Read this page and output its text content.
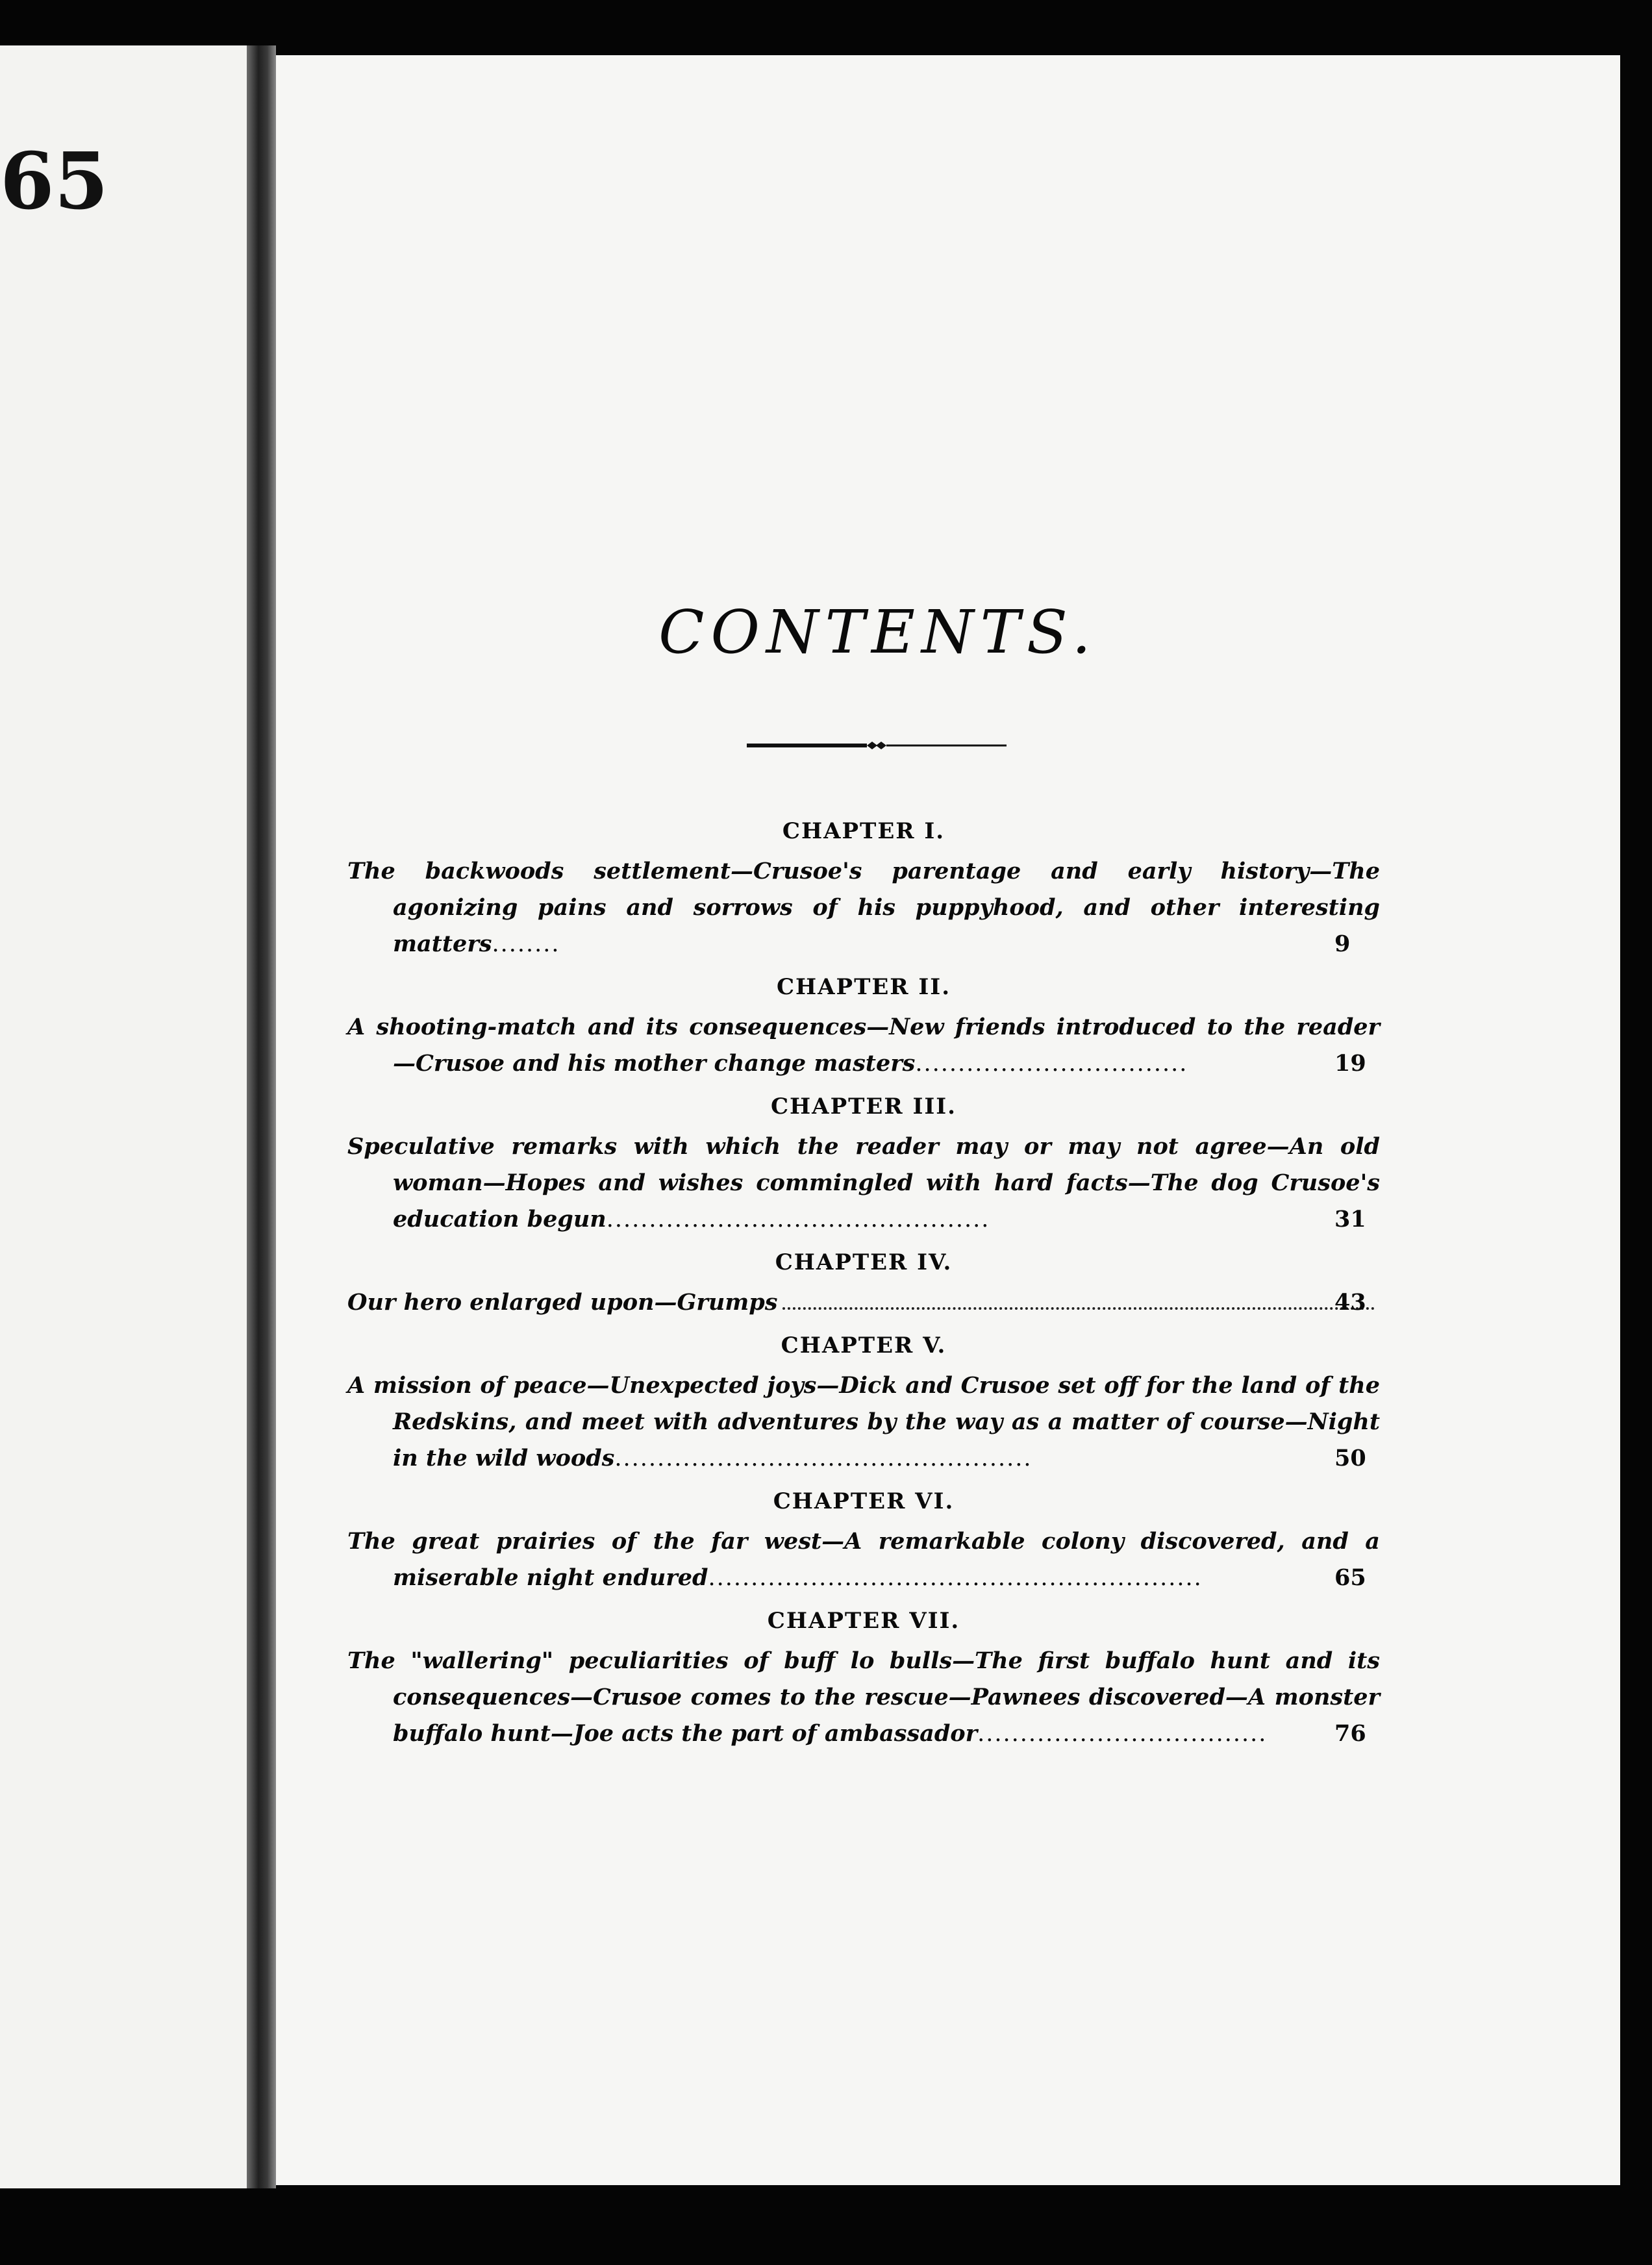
65
CONTENTS.
CHAPTER I.
The backwoods settlement—Crusoe's parentage and early history—The agonizing pains and sorrows of his puppyhood, and other interesting matters........	9
CHAPTER II.
A shooting-match and its consequences—New friends introduced to the reader —Crusoe and his mother change masters................................	19
CHAPTER III.
Speculative remarks with which the reader may or may not agree—An old woman—Hopes and wishes commingled with hard facts—The dog Crusoe's education begun.............................................	31
CHAPTER IV.
Our hero enlarged upon—Grumps	43
CHAPTER V.
A mission of peace—Unexpected joys—Dick and Crusoe set off for the land of the Redskins, and meet with adventures by the way as a matter of course—Night in the wild woods.................................................	50
CHAPTER VI.
The great prairies of the far west—A remarkable colony discovered, and a miserable night endured..........................................................	65
CHAPTER VII.
The "wallering" peculiarities of buff lo bulls—The first buffalo hunt and its consequences—Crusoe comes to the rescue—Pawnees discovered—A monster buffalo hunt—Joe acts the part of ambassador..................................	76
